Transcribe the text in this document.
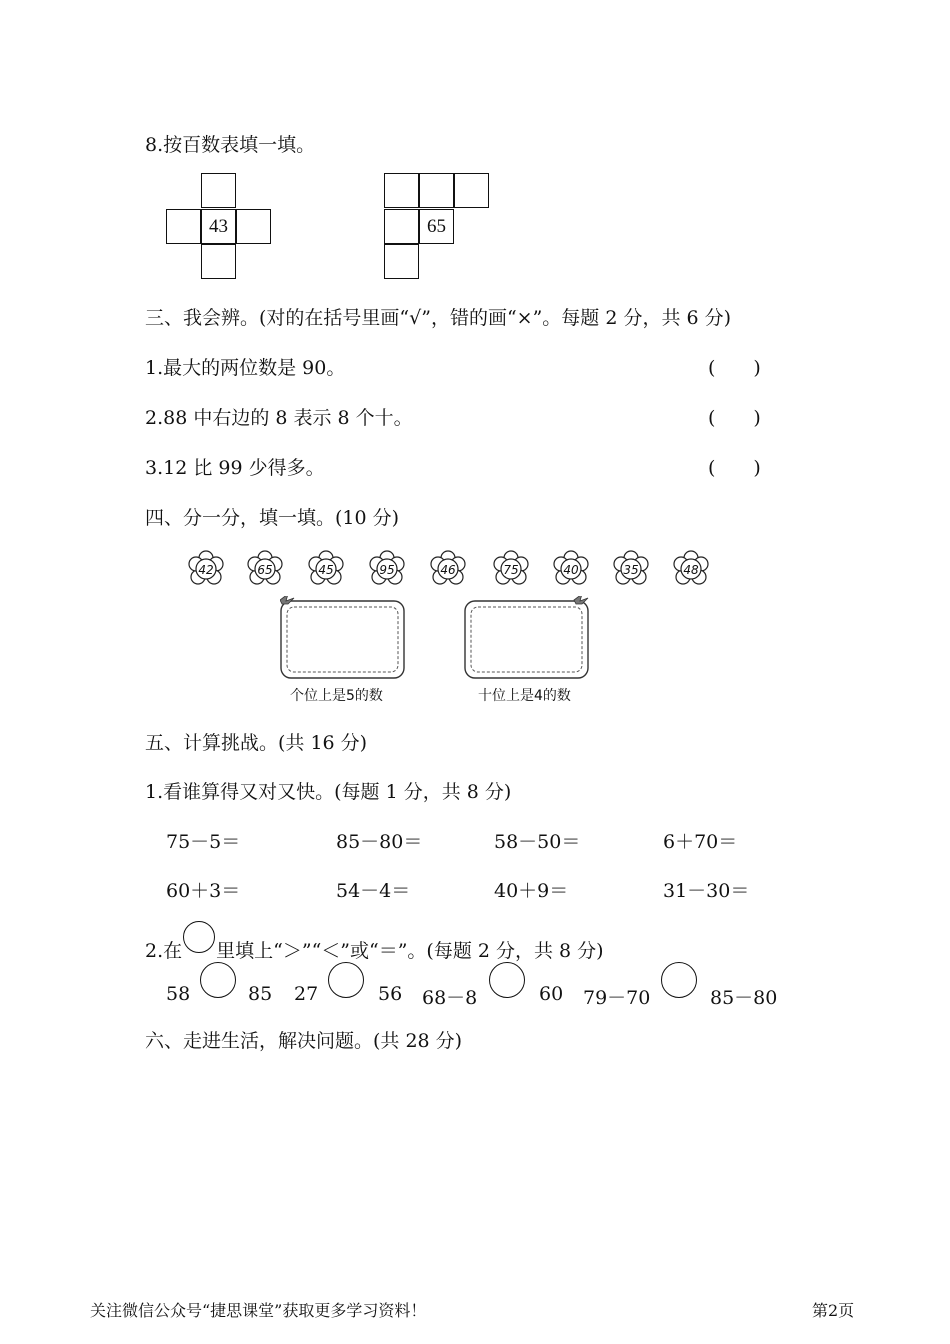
8.按百数表填一填。
43	65
三、我会辨。(对的在括号里画“√”，错的画“×”。每题 2 分，共 6 分)
1.最大的两位数是 90。	(　　)
2.88 中右边的 8 表示 8 个十。	(　　)
3.12 比 99 少得多。	(　　)
四、分一分，填一填。(10 分)
42	65	45	95	46	75	40	35	48
个位上是5的数	十位上是4的数
五、计算挑战。(共 16 分)
1.看谁算得又对又快。(每题 1 分，共 8 分)
75－5＝	85－80＝	58－50＝	6＋70＝
60＋3＝	54－4＝	40＋9＝	31－30＝
2.在 里填上“＞”“＜”或“＝”。(每题 2 分，共 8 分)
58	85 27	56 68－8	60 79－70	85－80
六、走进生活，解决问题。(共 28 分)
关注微信公众号“捷思课堂”获取更多学习资料！	第2页
